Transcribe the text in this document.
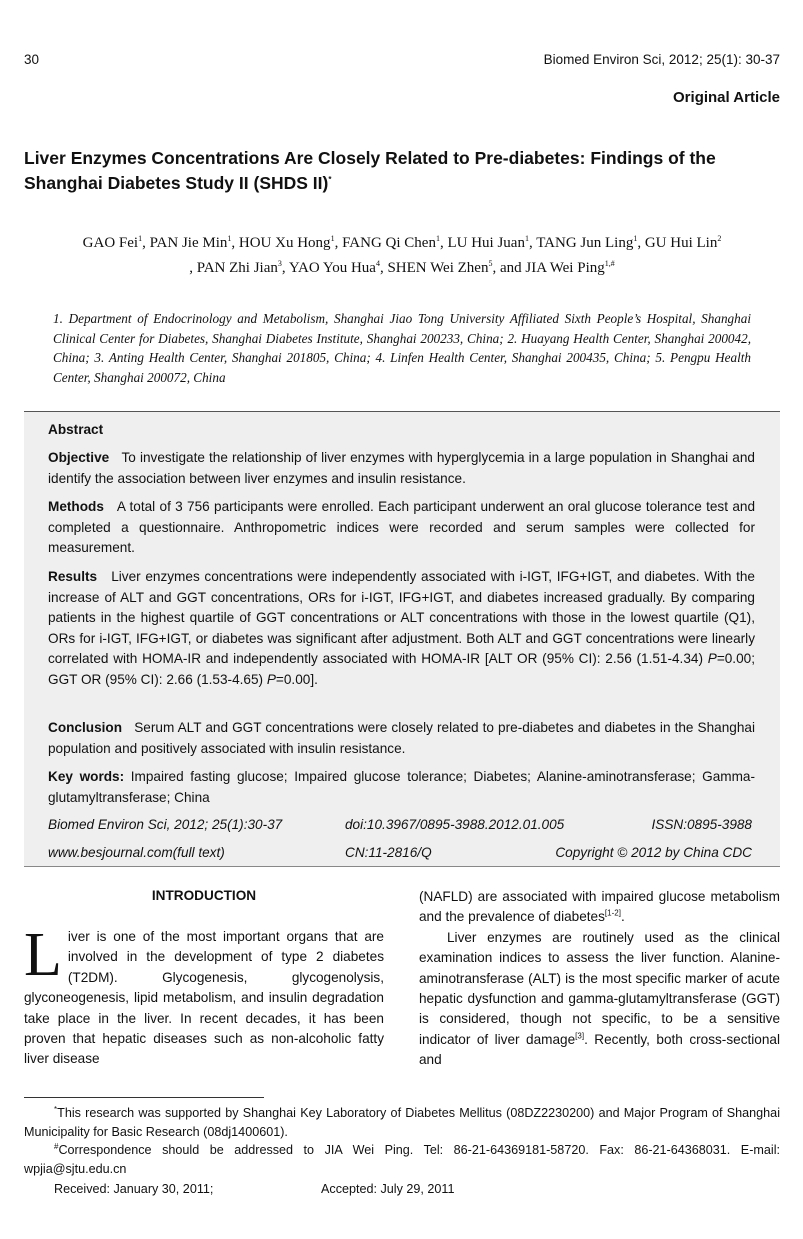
30	Biomed Environ Sci, 2012; 25(1): 30-37
Original Article
Liver Enzymes Concentrations Are Closely Related to Pre-diabetes: Findings of the Shanghai Diabetes Study II (SHDS II)*
GAO Fei$^1$, PAN Jie Min$^1$, HOU Xu Hong$^1$, FANG Qi Chen$^1$, LU Hui Juan$^1$, TANG Jun Ling$^1$, GU Hui Lin$^2$
, PAN Zhi Jian$^3$, YAO You Hua$^4$, SHEN Wei Zhen$^5$, and JIA Wei Ping$^{1,\#}$
1. Department of Endocrinology and Metabolism, Shanghai Jiao Tong University Affiliated Sixth People’s Hospital, Shanghai Clinical Center for Diabetes, Shanghai Diabetes Institute, Shanghai 200233, China; 2. Huayang Health Center, Shanghai 200042, China; 3. Anting Health Center, Shanghai 201805, China; 4. Linfen Health Center, Shanghai 200435, China; 5. Pengpu Health Center, Shanghai 200072, China
Abstract
Objective To investigate the relationship of liver enzymes with hyperglycemia in a large population in Shanghai and identify the association between liver enzymes and insulin resistance.
Methods A total of 3 756 participants were enrolled. Each participant underwent an oral glucose tolerance test and completed a questionnaire. Anthropometric indices were recorded and serum samples were collected for measurement.
Results Liver enzymes concentrations were independently associated with i-IGT, IFG+IGT, and diabetes. With the increase of ALT and GGT concentrations, ORs for i-IGT, IFG+IGT, and diabetes increased gradually. By comparing patients in the highest quartile of GGT concentrations or ALT concentrations with those in the lowest quartile (Q1), ORs for i-IGT, IFG+IGT, or diabetes was significant after adjustment. Both ALT and GGT concentrations were linearly correlated with HOMA-IR and independently associated with HOMA-IR [ALT OR (95% CI): 2.56 (1.51-4.34) P=0.00; GGT OR (95% CI): 2.66 (1.53-4.65) P=0.00].
Conclusion Serum ALT and GGT concentrations were closely related to pre-diabetes and diabetes in the Shanghai population and positively associated with insulin resistance.
Key words: Impaired fasting glucose; Impaired glucose tolerance; Diabetes; Alanine-aminotransferase; Gamma-glutamyltransferase; China
Biomed Environ Sci, 2012; 25(1):30-37	doi:10.3967/0895-3988.2012.01.005	ISSN:0895-3988
www.besjournal.com(full text)	CN:11-2816/Q	Copyright © 2012 by China CDC
INTRODUCTION
Liver is one of the most important organs that are involved in the development of type 2 diabetes (T2DM). Glycogenesis, glycogenolysis, glyconeogenesis, lipid metabolism, and insulin degradation take place in the liver. In recent decades, it has been proven that hepatic diseases such as non-alcoholic fatty liver disease
(NAFLD) are associated with impaired glucose metabolism and the prevalence of diabetes[1-2].
Liver enzymes are routinely used as the clinical examination indices to assess the liver function. Alanine-aminotransferase (ALT) is the most specific marker of acute hepatic dysfunction and gamma-glutamyltransferase (GGT) is considered, though not specific, to be a sensitive indicator of liver damage[3]. Recently, both cross-sectional and
*This research was supported by Shanghai Key Laboratory of Diabetes Mellitus (08DZ2230200) and Major Program of Shanghai Municipality for Basic Research (08dj1400601).
#Correspondence should be addressed to JIA Wei Ping. Tel: 86-21-64369181-58720. Fax: 86-21-64368031. E-mail: wpjia@sjtu.edu.cn
Received: January 30, 2011;	Accepted: July 29, 2011
